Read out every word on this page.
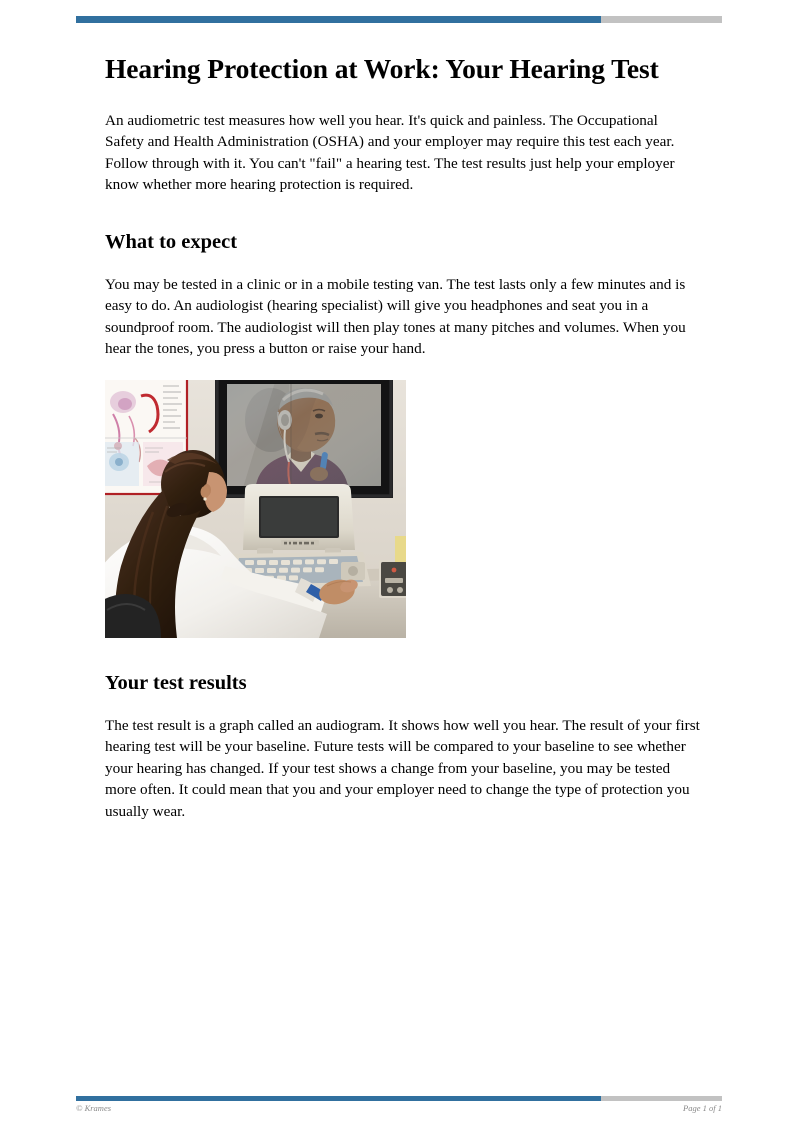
Hearing Protection at Work: Your Hearing Test

An audiometric test measures how well you hear. It's quick and painless. The Occupational Safety and Health Administration (OSHA) and your employer may require this test each year. Follow through with it. You can't "fail" a hearing test. The test results just help your employer know whether more hearing protection is required.

What to expect

You may be tested in a clinic or in a mobile testing van. The test lasts only a few minutes and is easy to do. An audiologist (hearing specialist) will give you headphones and seat you in a soundproof room. The audiologist will then play tones at many pitches and volumes. When you hear the tones, you press a button or raise your hand.

Your test results

The test result is a graph called an audiogram. It shows how well you hear. The result of your first hearing test will be your baseline. Future tests will be compared to your baseline to see whether your hearing has changed. If your test shows a change from your baseline, you may be tested more often. It could mean that you and your employer need to change the type of protection you usually wear.

© Krames	Page 1 of 1
